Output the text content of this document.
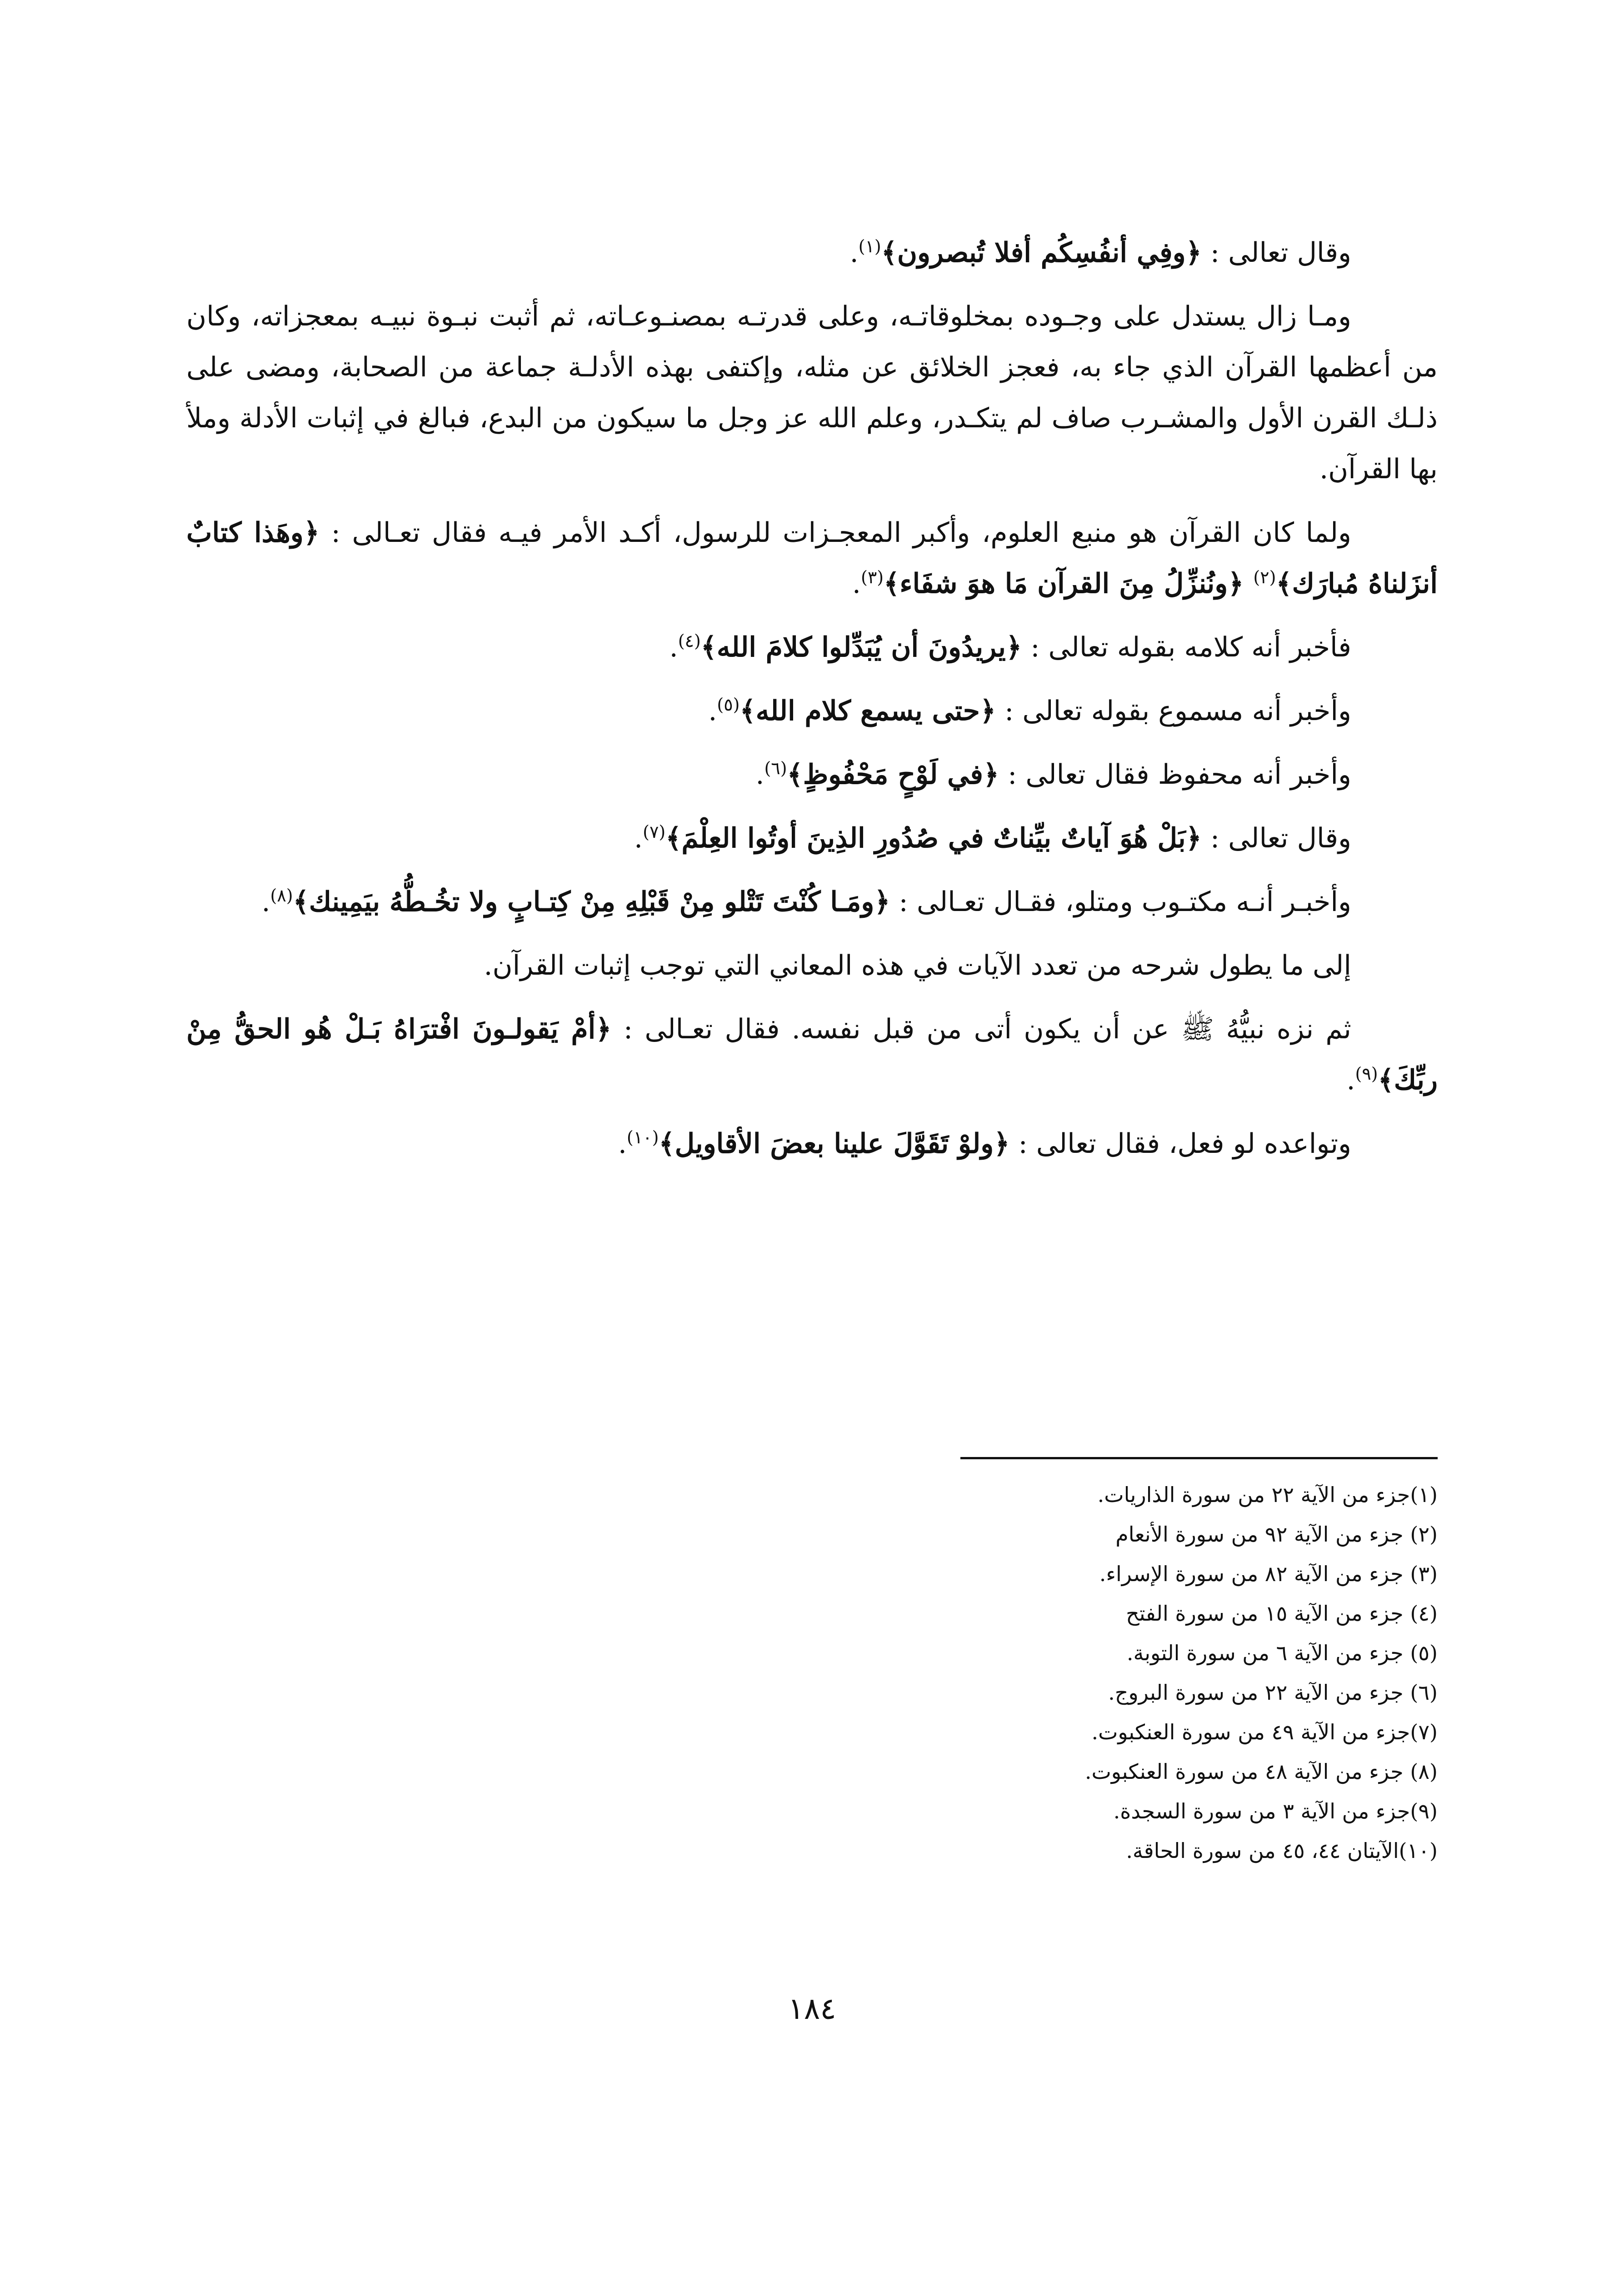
وقال تعالى : ﴿وفِي أنفُسِكُم أفلا تُبصرون﴾$^{(١)}$.

ومـا زال يستدل على وجـوده بمخلوقاتـه، وعلى قدرتـه بمصنـوعـاته، ثم أثبت نبـوة نبيـه بمعجزاته، وكان من أعظمها القرآن الذي جاء به، فعجز الخلائق عن مثله، وإكتفى بهذه الأدلـة جماعة من الصحابة، ومضى على ذلـك القرن الأول والمشـرب صاف لم يتكـدر، وعلم الله عز وجل ما سيكون من البدع، فبالغ في إثبات الأدلة وملأ بها القرآن.

ولما كان القرآن هو منبع العلوم، وأكبر المعجـزات للرسول، أكـد الأمر فيـه فقال تعـالى : ﴿وهَذا كتابٌ أنزَلناهُ مُبارَك﴾$^{(٢)}$ ﴿ونُنزِّلُ مِنَ القرآن مَا هوَ شفَاء﴾$^{(٣)}$.

فأخبر أنه كلامه بقوله تعالى : ﴿يريدُونَ أن يُبَدِّلوا كلامَ الله﴾$^{(٤)}$.

وأخبر أنه مسموع بقوله تعالى : ﴿حتى يسمع كلام الله﴾$^{(٥)}$.

وأخبر أنه محفوظ فقال تعالى : ﴿في لَوْحٍ مَحْفُوظٍ﴾$^{(٦)}$.

وقال تعالى : ﴿بَلْ هُوَ آياتٌ بيِّناتٌ في صُدُورِ الذِينَ أوتُوا العِلْمَ﴾$^{(٧)}$.

وأخبـر أنـه مكتـوب ومتلو، فقـال تعـالى : ﴿ومَـا كُنْتَ تَتْلو مِنْ قَبْلِهِ مِنْ كِتـابٍ ولا تخُـطُّهُ بيَمِينك﴾$^{(٨)}$.

إلى ما يطول شرحه من تعدد الآيات في هذه المعاني التي توجب إثبات القرآن.

ثم نزه نبيُّهُ ﷺ عن أن يكون أتى من قبل نفسه. فقال تعـالى : ﴿أمْ يَقولـونَ افْترَاهُ بَـلْ هُو الحقُّ مِنْ ربِّكَ﴾$^{(٩)}$.

وتواعده لو فعل، فقال تعالى : ﴿ولوْ تَقَوَّلَ علينا بعضَ الأقاويل﴾$^{(١٠)}$.

(١)جزء من الآية ٢٢ من سورة الذاريات.

(٢) جزء من الآية ٩٢ من سورة الأنعام

(٣) جزء من الآية ٨٢ من سورة الإسراء.

(٤) جزء من الآية ١٥ من سورة الفتح

(٥) جزء من الآية ٦ من سورة التوبة.

(٦) جزء من الآية ٢٢ من سورة البروج.

(٧)جزء من الآية ٤٩ من سورة العنكبوت.

(٨) جزء من الآية ٤٨ من سورة العنكبوت.

(٩)جزء من الآية ٣ من سورة السجدة.

(١٠)الآيتان ٤٤، ٤٥ من سورة الحاقة.

١٨٤
